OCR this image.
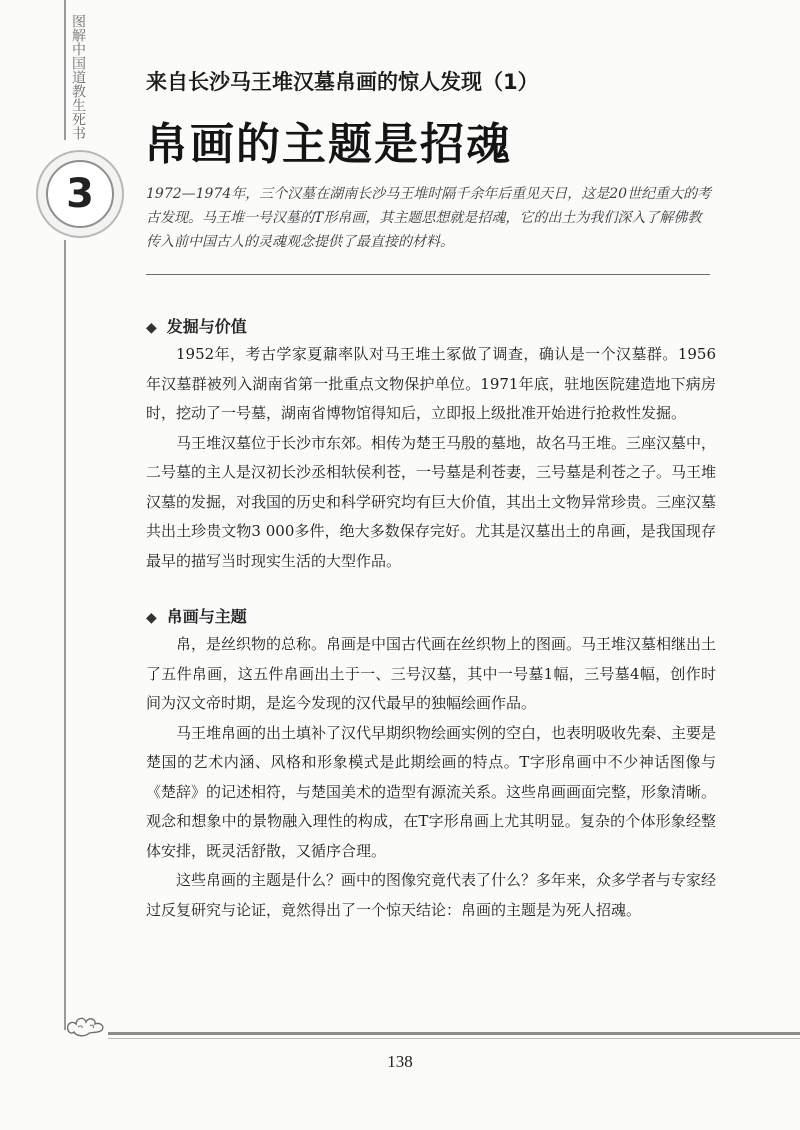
图解中国道教生死书
3
来自长沙马王堆汉墓帛画的惊人发现（1）
帛画的主题是招魂
1972—1974年，三个汉墓在湖南长沙马王堆时隔千余年后重见天日，这是20世纪重大的考古发现。马王堆一号汉墓的T形帛画，其主题思想就是招魂，它的出土为我们深入了解佛教传入前中国古人的灵魂观念提供了最直接的材料。
◆ 发掘与价值

1952年，考古学家夏鼐率队对马王堆土冢做了调查，确认是一个汉墓群。1956年汉墓群被列入湖南省第一批重点文物保护单位。1971年底，驻地医院建造地下病房时，挖动了一号墓，湖南省博物馆得知后，立即报上级批准开始进行抢救性发掘。

马王堆汉墓位于长沙市东郊。相传为楚王马殷的墓地，故名马王堆。三座汉墓中，二号墓的主人是汉初长沙丞相轪侯利苍，一号墓是利苍妻，三号墓是利苍之子。马王堆汉墓的发掘，对我国的历史和科学研究均有巨大价值，其出土文物异常珍贵。三座汉墓共出土珍贵文物3 000多件，绝大多数保存完好。尤其是汉墓出土的帛画，是我国现存最早的描写当时现实生活的大型作品。

◆ 帛画与主题

帛，是丝织物的总称。帛画是中国古代画在丝织物上的图画。马王堆汉墓相继出土了五件帛画，这五件帛画出土于一、三号汉墓，其中一号墓1幅，三号墓4幅，创作时间为汉文帝时期，是迄今发现的汉代最早的独幅绘画作品。

马王堆帛画的出土填补了汉代早期织物绘画实例的空白，也表明吸收先秦、主要是楚国的艺术内涵、风格和形象模式是此期绘画的特点。T字形帛画中不少神话图像与《楚辞》的记述相符，与楚国美术的造型有源流关系。这些帛画画面完整，形象清晰。观念和想象中的景物融入理性的构成，在T字形帛画上尤其明显。复杂的个体形象经整体安排，既灵活舒散，又循序合理。

这些帛画的主题是什么？画中的图像究竟代表了什么？多年来，众多学者与专家经过反复研究与论证，竟然得出了一个惊天结论：帛画的主题是为死人招魂。

138
